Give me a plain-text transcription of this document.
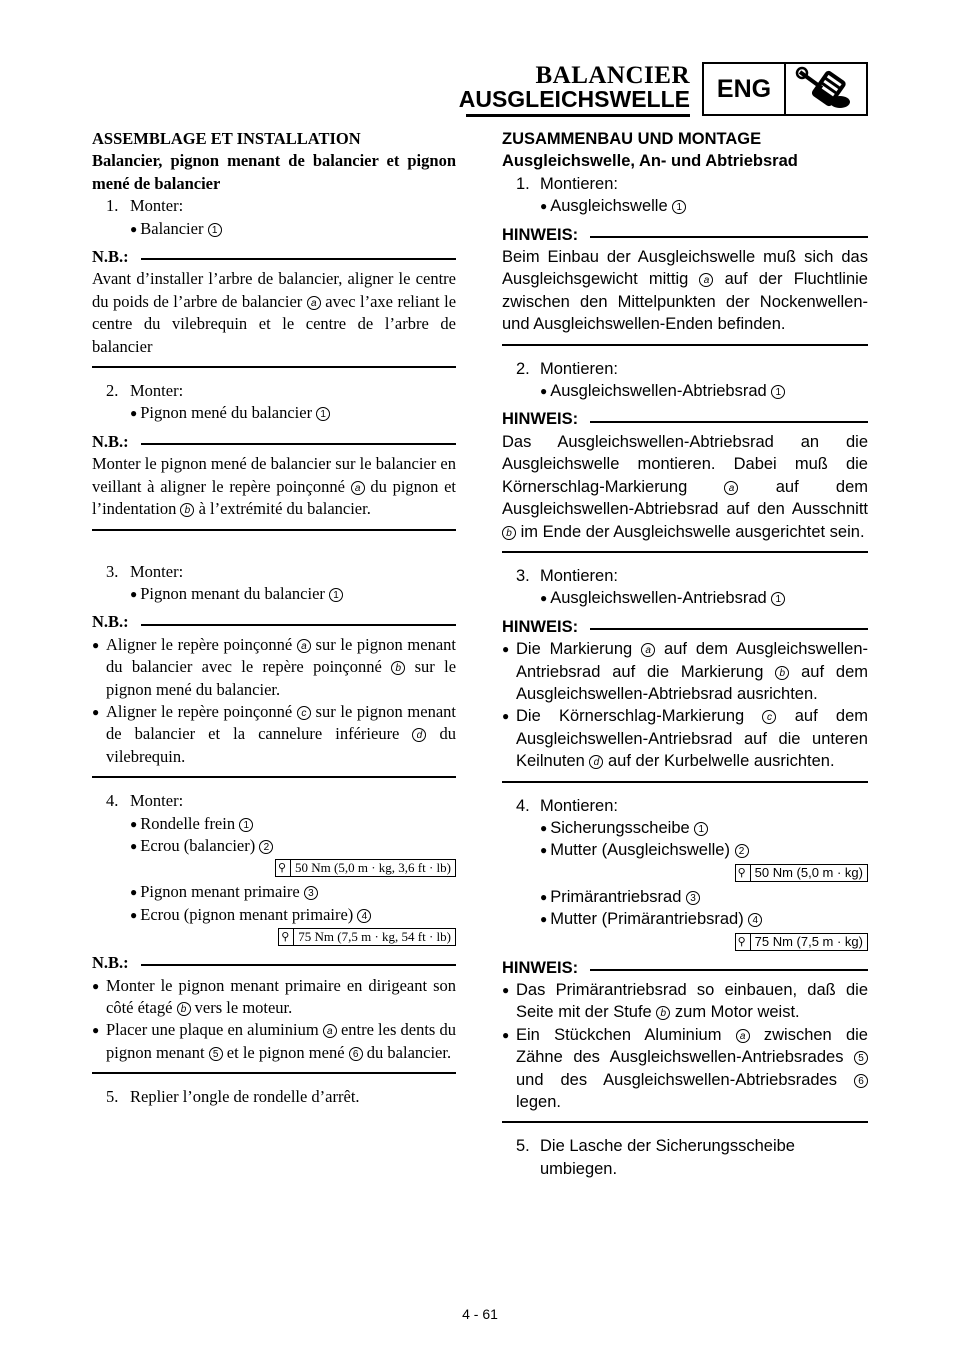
BALANCIER
AUSGLEICHSWELLE	ENG
ASSEMBLAGE ET INSTALLATION
Balancier, pignon menant de balancier et pignon mené de balancier
1. Monter:
● Balancier 1
N.B.:
Avant d’installer l’arbre de balancier, aligner le centre du poids de l’arbre de balancier a avec l’axe reliant le centre du vilebrequin et le centre de l’arbre de balancier
2. Monter:
● Pignon mené du balancier 1
N.B.:
Monter le pignon mené de balancier sur le balancier en veillant à aligner le repère poinçonné a du pignon et l’indentation b à l’extrémité du balancier.
3. Monter:
● Pignon menant du balancier 1
N.B.:
● Aligner le repère poinçonné a sur le pignon menant du balancier avec le repère poinçonné b sur le pignon mené du balancier.
● Aligner le repère poinçonné c sur le pignon menant de balancier et la cannelure inférieure d du vilebrequin.
4. Monter:
● Rondelle frein 1
● Ecrou (balancier) 2
⚲ 50 Nm (5,0 m · kg, 3,6 ft · lb)
● Pignon menant primaire 3
● Ecrou (pignon menant primaire) 4
⚲ 75 Nm (7,5 m · kg, 54 ft · lb)
N.B.:
● Monter le pignon menant primaire en dirigeant son côté étagé b vers le moteur.
● Placer une plaque en aluminium a entre les dents du pignon menant 5 et le pignon mené 6 du balancier.
5. Replier l’ongle de rondelle d’arrêt.
ZUSAMMENBAU UND MONTAGE
Ausgleichswelle, An- und Abtriebsrad
1. Montieren:
● Ausgleichswelle 1
HINWEIS:
Beim Einbau der Ausgleichswelle muß sich das Ausgleichsgewicht mittig a auf der Fluchtlinie zwischen den Mittelpunkten der Nockenwellen- und Ausgleichswellen-Enden befinden.
2. Montieren:
● Ausgleichswellen-Abtriebsrad 1
HINWEIS:
Das Ausgleichswellen-Abtriebsrad an die Ausgleichswelle montieren. Dabei muß die Körnerschlag-Markierung	a	auf dem Ausgleichswellen-Abtriebsrad auf den Ausschnitt b im Ende der Ausgleichswelle ausgerichtet sein.
3. Montieren:
● Ausgleichswellen-Antriebsrad 1
HINWEIS:
● Die Markierung a auf dem Ausgleichswellen-Antriebsrad auf die Markierung b auf dem Ausgleichswellen-Abtriebsrad ausrichten.
● Die Körnerschlag-Markierung c auf dem Ausgleichswellen-Antriebsrad auf die unteren Keilnuten d auf der Kurbelwelle ausrichten.
4. Montieren:
● Sicherungsscheibe 1
● Mutter (Ausgleichswelle) 2
⚲ 50 Nm (5,0 m · kg)
● Primärantriebsrad 3
● Mutter (Primärantriebsrad) 4
⚲ 75 Nm (7,5 m · kg)
HINWEIS:
● Das Primärantriebsrad so einbauen, daß die Seite mit der Stufe b zum Motor weist.
● Ein Stückchen Aluminium a zwischen die Zähne des Ausgleichswellen-Antriebsrades 5 und des Ausgleichswellen-Abtriebsrades 6 legen.
5. Die Lasche der Sicherungsscheibe umbiegen.
4 - 61
